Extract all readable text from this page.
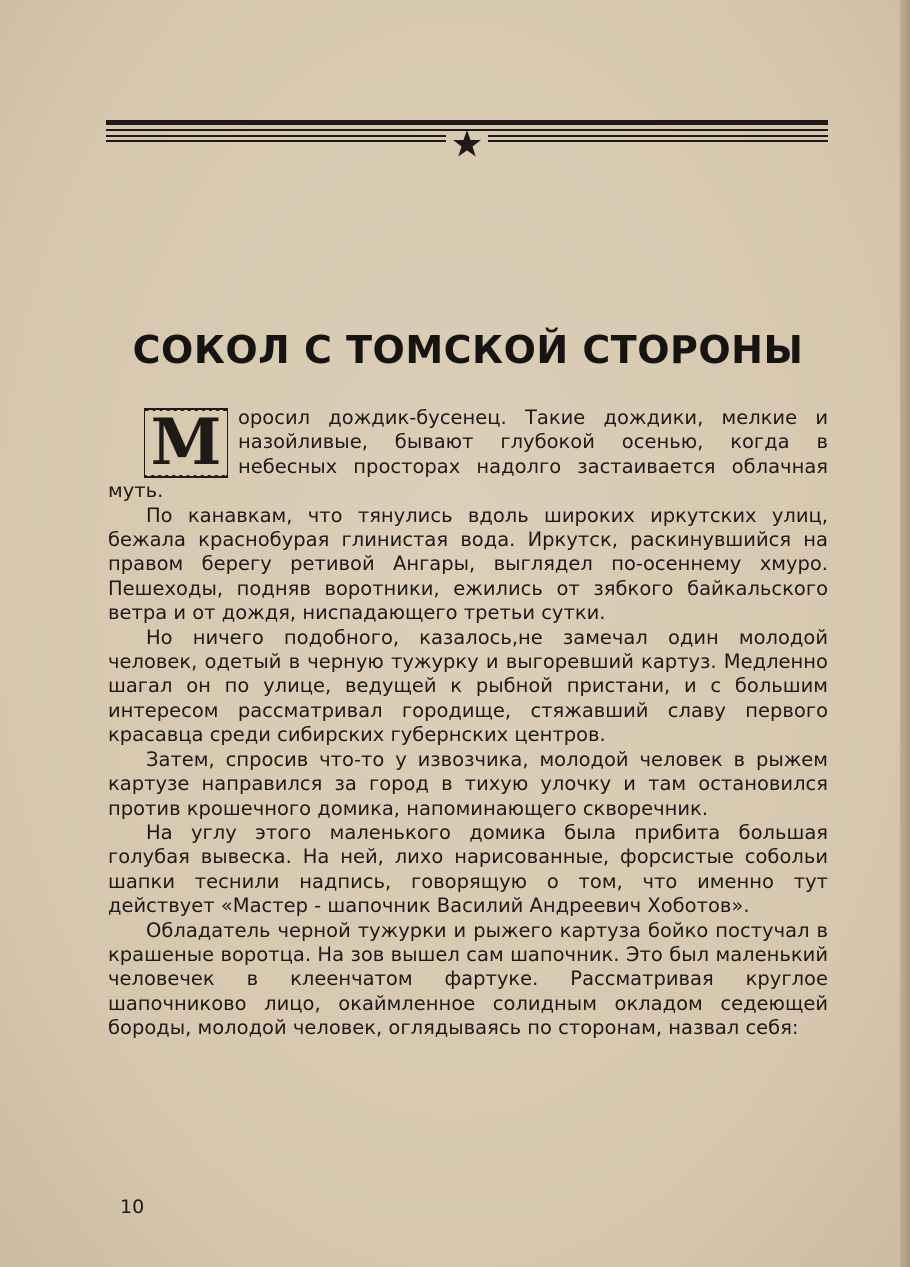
СОКОЛ С ТОМСКОЙ СТОРОНЫ

М оросил дождик-бусенец. Такие дождики, мелкие и назойливые, бывают глубокой осенью, когда в небесных просторах надолго застаивается облачная муть.

По канавкам, что тянулись вдоль широких иркутских улиц, бежала краснобурая глинистая вода. Иркутск, раскинувшийся на правом берегу ретивой Ангары, выглядел по-осеннему хмуро. Пешеходы, подняв воротники, ежились от зябкого байкальского ветра и от дождя, ниспадающего третьи сутки.

Но ничего подобного, казалось,не замечал один молодой человек, одетый в черную тужурку и выгоревший картуз. Медленно шагал он по улице, ведущей к рыбной пристани, и с большим интересом рассматривал городище, стяжавший славу первого красавца среди сибирских губернских центров.

Затем, спросив что-то у извозчика, молодой человек в рыжем картузе направился за город в тихую улочку и там остановился против крошечного домика, напоминающего скворечник.

На углу этого маленького домика была прибита большая голубая вывеска. На ней, лихо нарисованные, форсистые собольи шапки теснили надпись, говорящую о том, что именно тут действует «Мастер - шапочник Василий Андреевич Хоботов».

Обладатель черной тужурки и рыжего картуза бойко постучал в крашеные воротца. На зов вышел сам шапочник. Это был маленький человечек в клеенчатом фартуке. Рассматривая круглое шапочниково лицо, окаймленное солидным окладом седеющей бороды, молодой человек, оглядываясь по сторонам, назвал себя:

10
